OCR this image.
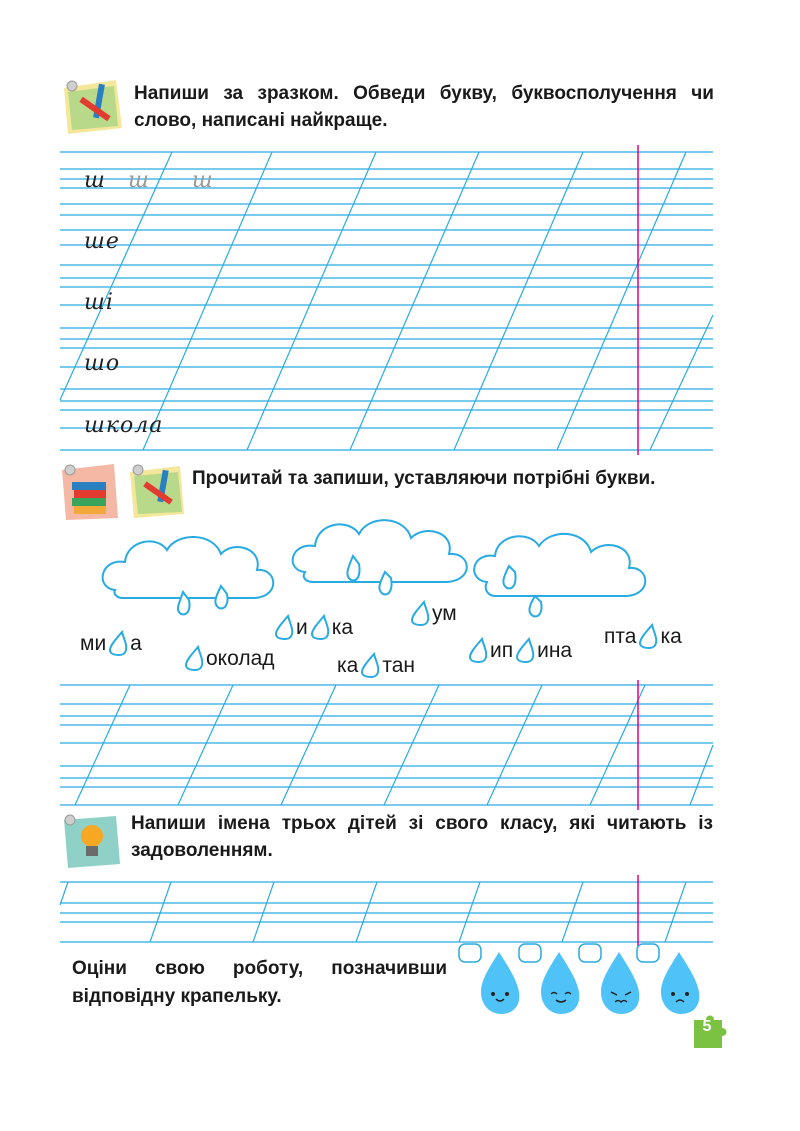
Напиши за зразком. Обведи букву, буквосполучення чи слово, написані найкраще.
ш ш ш
ше
ші
шо
школа
Прочитай та запиши, уставляючи потрібні букви.
ми а
околад
и ка
ка тан
ум
ип ина
пта ка
Напиши імена трьох дітей зі свого класу, які читають із задоволенням.
Оціни свою роботу, позначивши відповідну крапельку.
5
